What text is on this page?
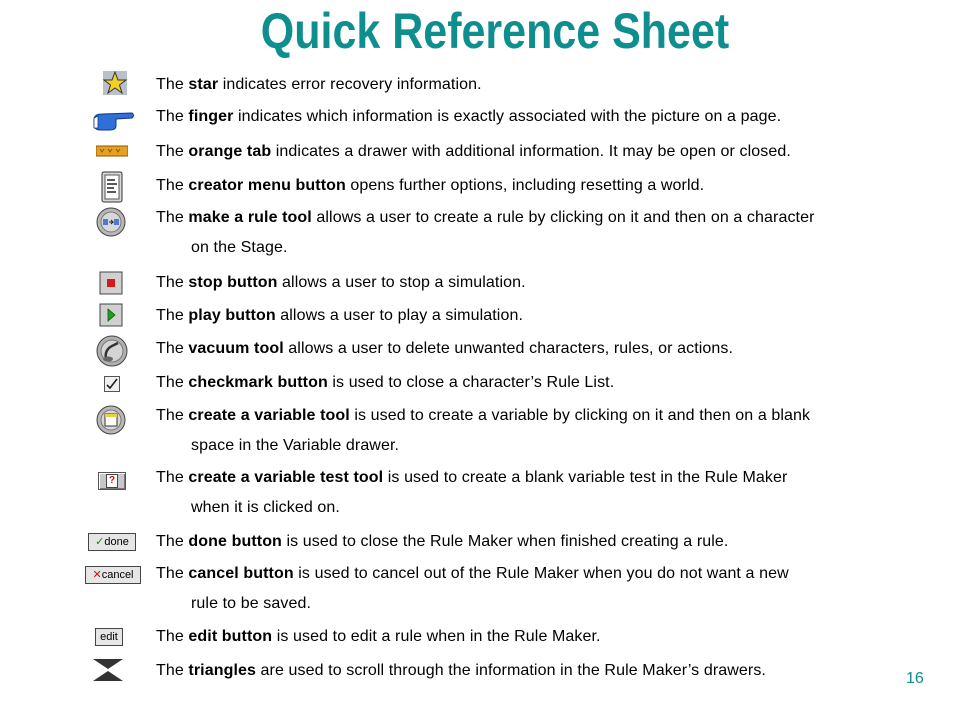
Quick Reference Sheet
The star indicates error recovery information.
The finger indicates which information is exactly associated with the picture on a page.
The orange tab indicates a drawer with additional information. It may be open or closed.
The creator menu button opens further options, including resetting a world.
The make a rule tool allows a user to create a rule by clicking on it and then on a character
on the Stage.
The stop button allows a user to stop a simulation.
The play button allows a user to play a simulation.
The vacuum tool allows a user to delete unwanted characters, rules, or actions.
The checkmark button is used to close a character’s Rule List.
The create a variable tool is used to create a variable by clicking on it and then on a blank
space in the Variable drawer.
?	The create a variable test tool is used to create a blank variable test in the Rule Maker
when it is clicked on.
✓done	The done button is used to close the Rule Maker when finished creating a rule.
✕cancel	The cancel button is used to cancel out of the Rule Maker when you do not want a new
rule to be saved.
edit	The edit button is used to edit a rule when in the Rule Maker.
The triangles are used to scroll through the information in the Rule Maker’s drawers.	16
